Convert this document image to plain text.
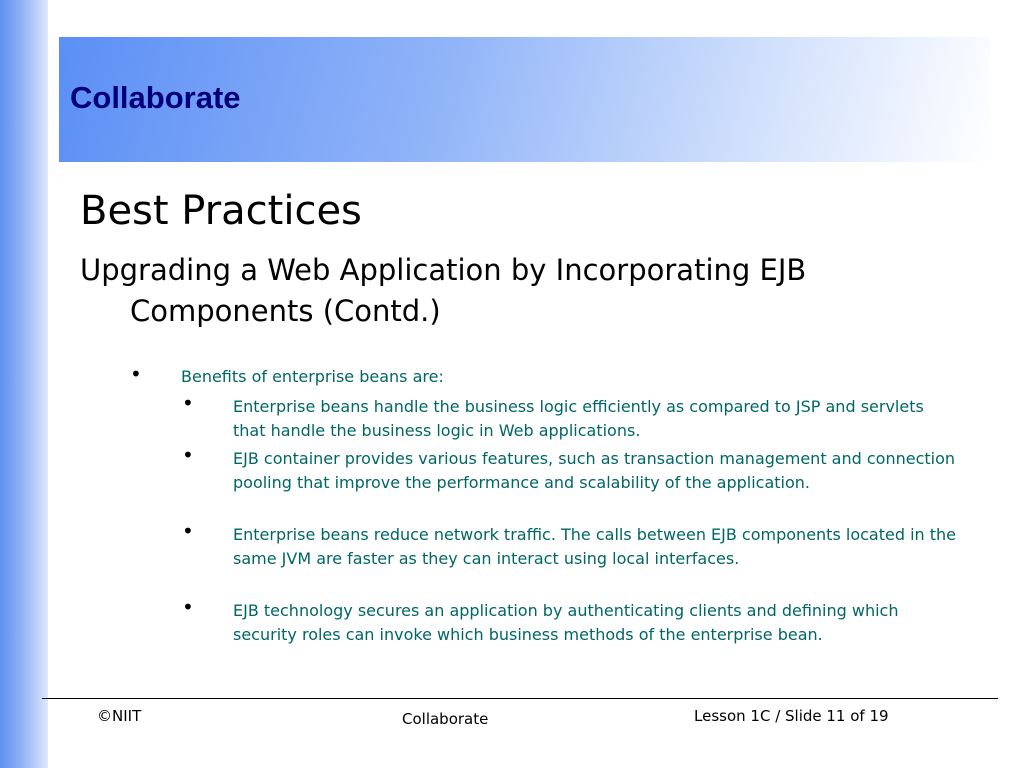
Collaborate
Best Practices
Upgrading a Web Application by Incorporating EJB Components (Contd.)
• Benefits of enterprise beans are:
• Enterprise beans handle the business logic efficiently as compared to JSP and servlets that handle the business logic in Web applications.
• EJB container provides various features, such as transaction management and connection pooling that improve the performance and scalability of the application.
• Enterprise beans reduce network traffic. The calls between EJB components located in the same JVM are faster as they can interact using local interfaces.
• EJB technology secures an application by authenticating clients and defining which security roles can invoke which business methods of the enterprise bean.
©NIIT	Collaborate	Lesson 1C / Slide 11 of 19
